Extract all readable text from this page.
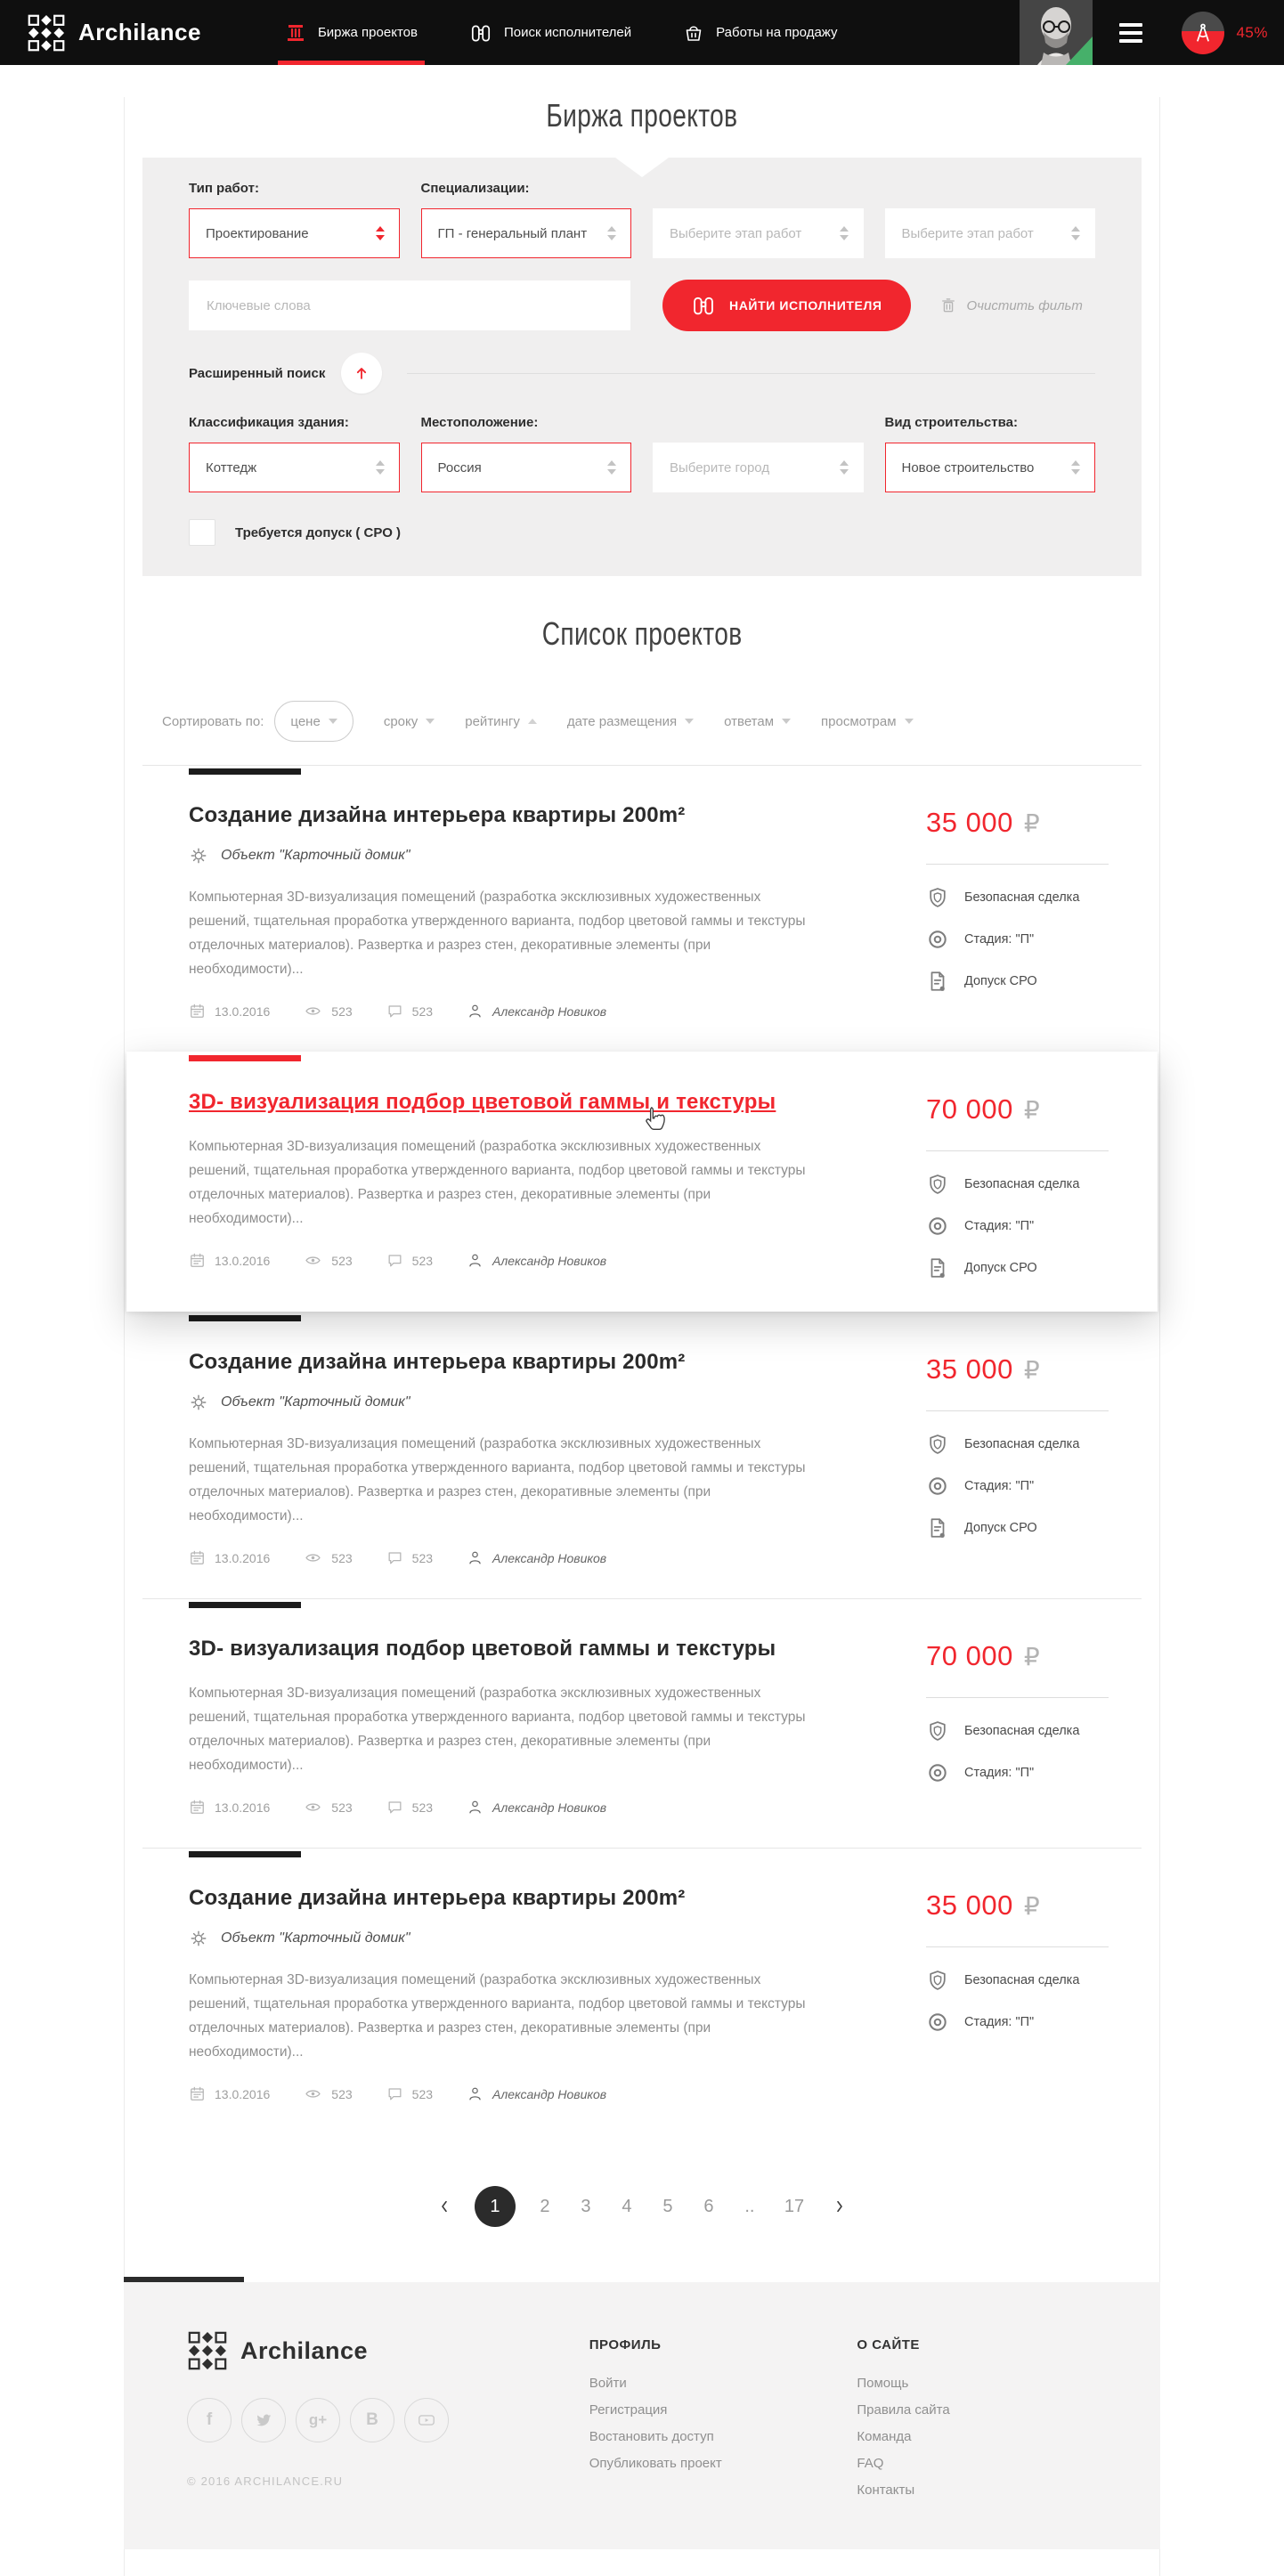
Archilance	Биржа проектов	Поиск исполнителей	Работы на продажу	45%
Биржа проектов
Тип работ:	Специализации:
Проектирование	ГП - генеральный плант	Выберите этап работ	Выберите этап работ
Ключевые слова
НАЙТИ ИСПОЛНИТЕЛЯ	Очистить фильт
Расширенный поиск
Классификация здания:	Местоположение:	Вид строительства:
Коттедж	Россия	Выберите город	Новое строительство
Требуется допуск ( СРО )
Список проектов
Сортировать по: цене	сроку	рейтингу	дате размещения	ответам	просмотрам
Создание дизайна интерьера квартиры 200m²
Объект "Карточный домик"

Компьютерная 3D-визуализация помещений (разработка эксклюзивных художественных решений, тщательная проработка утвержденного варианта, подбор цветовой гаммы и текстуры отделочных материалов). Развертка и разрез стен, декоративные элементы (при необходимости)...

13.0.2016	523	523	Александр Новиков
35 000 ₽
Безопасная сделка
Стадия: "П"
Допуск СРО
3D- визуализация подбор цветовой гаммы и текстуры

Компьютерная 3D-визуализация помещений (разработка эксклюзивных художественных решений, тщательная проработка утвержденного варианта, подбор цветовой гаммы и текстуры отделочных материалов). Развертка и разрез стен, декоративные элементы (при необходимости)...

13.0.2016	523	523	Александр Новиков
70 000 ₽
Безопасная сделка
Стадия: "П"
Допуск СРО
Создание дизайна интерьера квартиры 200m²
Объект "Карточный домик"

Компьютерная 3D-визуализация помещений (разработка эксклюзивных художественных решений, тщательная проработка утвержденного варианта, подбор цветовой гаммы и текстуры отделочных материалов). Развертка и разрез стен, декоративные элементы (при необходимости)...

13.0.2016	523	523	Александр Новиков
35 000 ₽
Безопасная сделка
Стадия: "П"
Допуск СРО
3D- визуализация подбор цветовой гаммы и текстуры

Компьютерная 3D-визуализация помещений (разработка эксклюзивных художественных решений, тщательная проработка утвержденного варианта, подбор цветовой гаммы и текстуры отделочных материалов). Развертка и разрез стен, декоративные элементы (при необходимости)...

13.0.2016	523	523	Александр Новиков
70 000 ₽
Безопасная сделка
Стадия: "П"
Создание дизайна интерьера квартиры 200m²
Объект "Карточный домик"

Компьютерная 3D-визуализация помещений (разработка эксклюзивных художественных решений, тщательная проработка утвержденного варианта, подбор цветовой гаммы и текстуры отделочных материалов). Развертка и разрез стен, декоративные элементы (при необходимости)...

13.0.2016	523	523	Александр Новиков
35 000 ₽
Безопасная сделка
Стадия: "П"
1	2 3 4 5 6 .. 17
Archilance
f	g+ В
© 2016 ARCHILANCE.RU
ПРОФИЛЬ
Войти
Регистрация
Востановить доступ
Опубликовать проект
О САЙТЕ
Помощь
Правила сайта
Команда
FAQ
Контакты
